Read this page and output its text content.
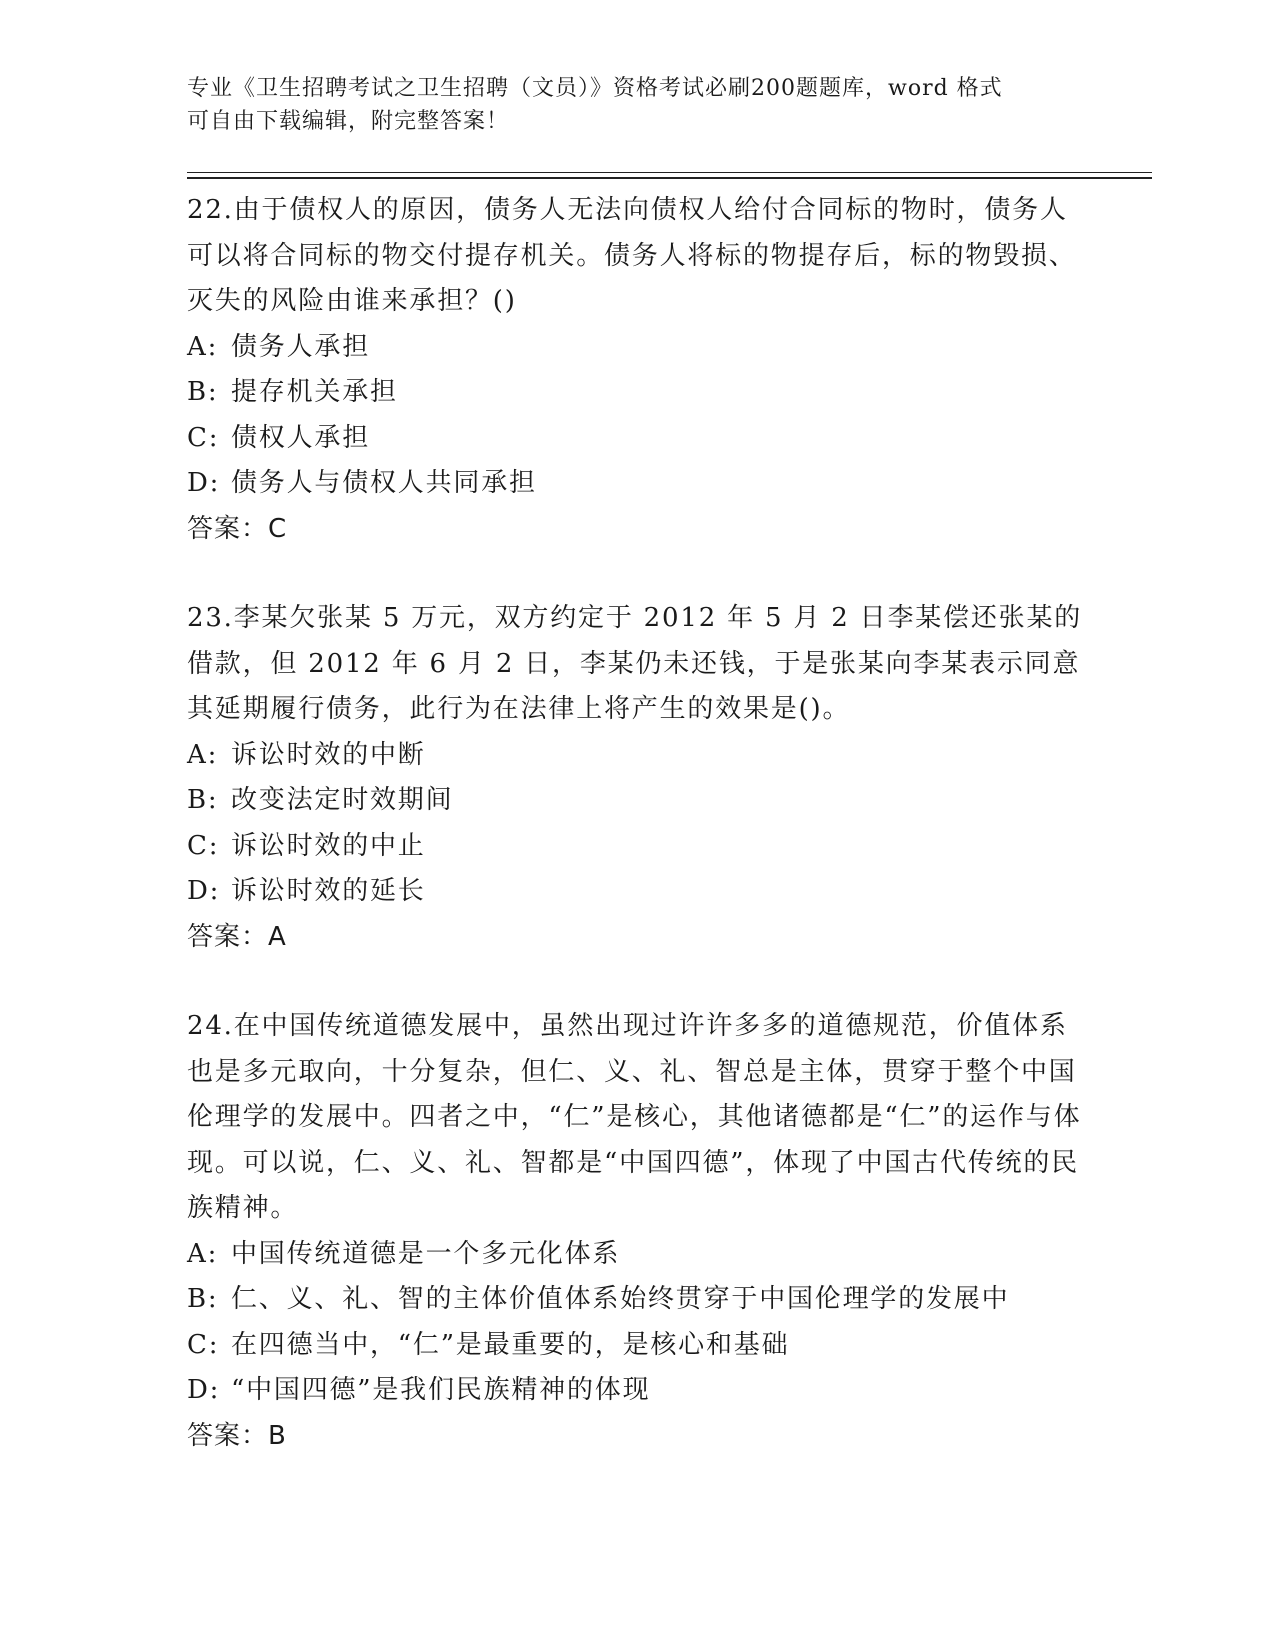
专业《卫生招聘考试之卫生招聘（文员）》资格考试必刷200题题库，word 格式
可自由下载编辑，附完整答案！

22.由于债权人的原因，债务人无法向债权人给付合同标的物时，债务人可以将合同标的物交付提存机关。债务人将标的物提存后，标的物毁损、灭失的风险由谁来承担？()

A: 债务人承担

B: 提存机关承担

C: 债权人承担

D: 债务人与债权人共同承担

答案：C

23.李某欠张某 5 万元，双方约定于 2012 年 5 月 2 日李某偿还张某的借款，但 2012 年 6 月 2 日，李某仍未还钱，于是张某向李某表示同意其延期履行债务，此行为在法律上将产生的效果是()。

A: 诉讼时效的中断

B: 改变法定时效期间

C: 诉讼时效的中止

D: 诉讼时效的延长

答案：A

24.在中国传统道德发展中，虽然出现过许许多多的道德规范，价值体系也是多元取向，十分复杂，但仁、义、礼、智总是主体，贯穿于整个中国伦理学的发展中。四者之中，“仁”是核心，其他诸德都是“仁”的运作与体现。可以说，仁、义、礼、智都是“中国四德”，体现了中国古代传统的民族精神。

A: 中国传统道德是一个多元化体系

B: 仁、义、礼、智的主体价值体系始终贯穿于中国伦理学的发展中

C: 在四德当中，“仁”是最重要的，是核心和基础

D: “中国四德”是我们民族精神的体现

答案：B
